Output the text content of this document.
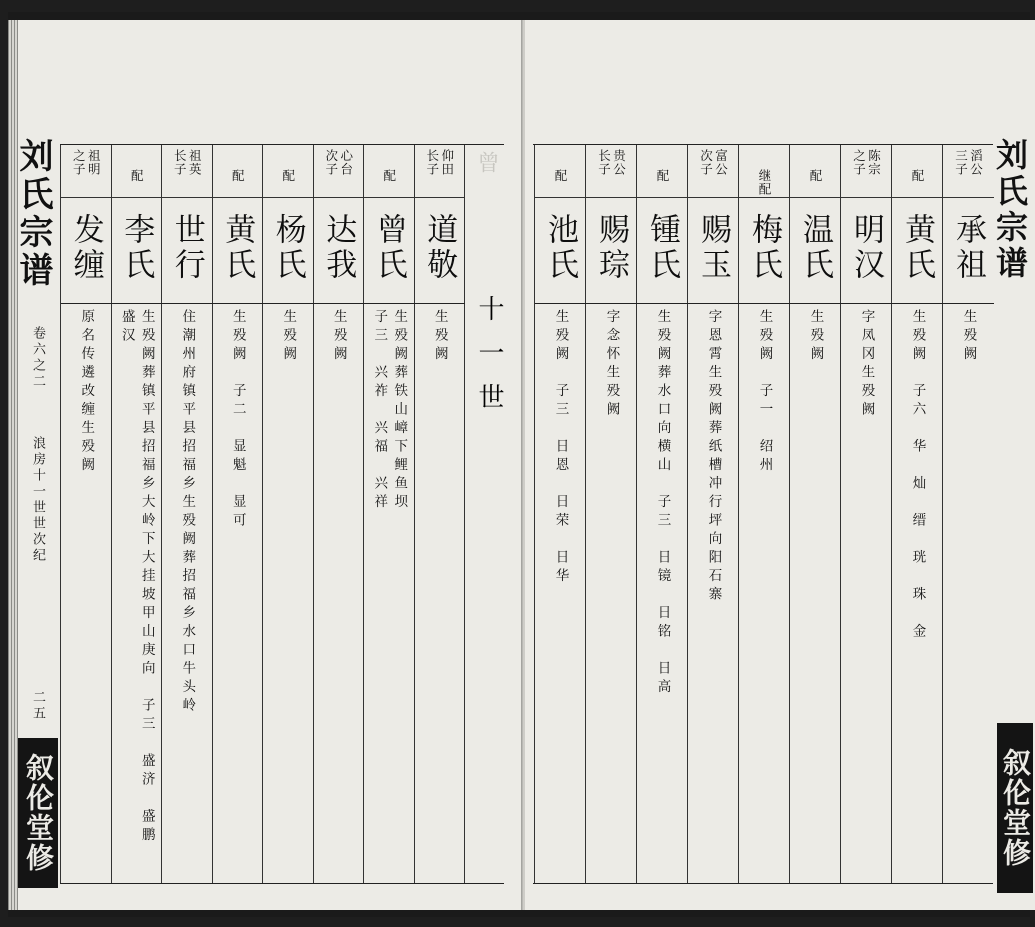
刘氏宗谱
卷六之二
浪房十一世世次纪
二五
叙伦堂修
曾
十一世
仰田
长子
道敬
生殁阙
配
曾氏
生殁阙葬铁山嶂下鲤鱼坝
子三　兴祚　兴福　兴祥
心台
次子
达我
生殁阙
配
杨氏
生殁阙
配
黄氏
生殁阙　子二　显魁　显可
祖英
长子
世行
住潮州府镇平县招福乡生殁阙葬招福乡水口牛头岭
配
李氏
生殁阙葬镇平县招福乡大岭下大挂坡甲山庚向　子三　盛济　盛鹏
盛汉
祖明
之子
发缠
原名传遴改缠生殁阙
滔公
三子
承祖
生殁阙
配
黄氏
生殁阙　子六　华　灿　缙　珖　珠　金
陈宗
之子
明汉
字凤冈生殁阙
配
温氏
生殁阙
继配
梅氏
生殁阙　子一　绍州
富公
次子
赐玉
字恩霄生殁阙葬纸槽冲行坪向阳石寨
配
锺氏
生殁阙葬水口向横山　子三　日镜　日铭　日高
贵公
长子
赐琮
字念怀生殁阙
配
池氏
生殁阙　子三　日恩　日荣　日华
刘氏宗谱
叙伦堂修
